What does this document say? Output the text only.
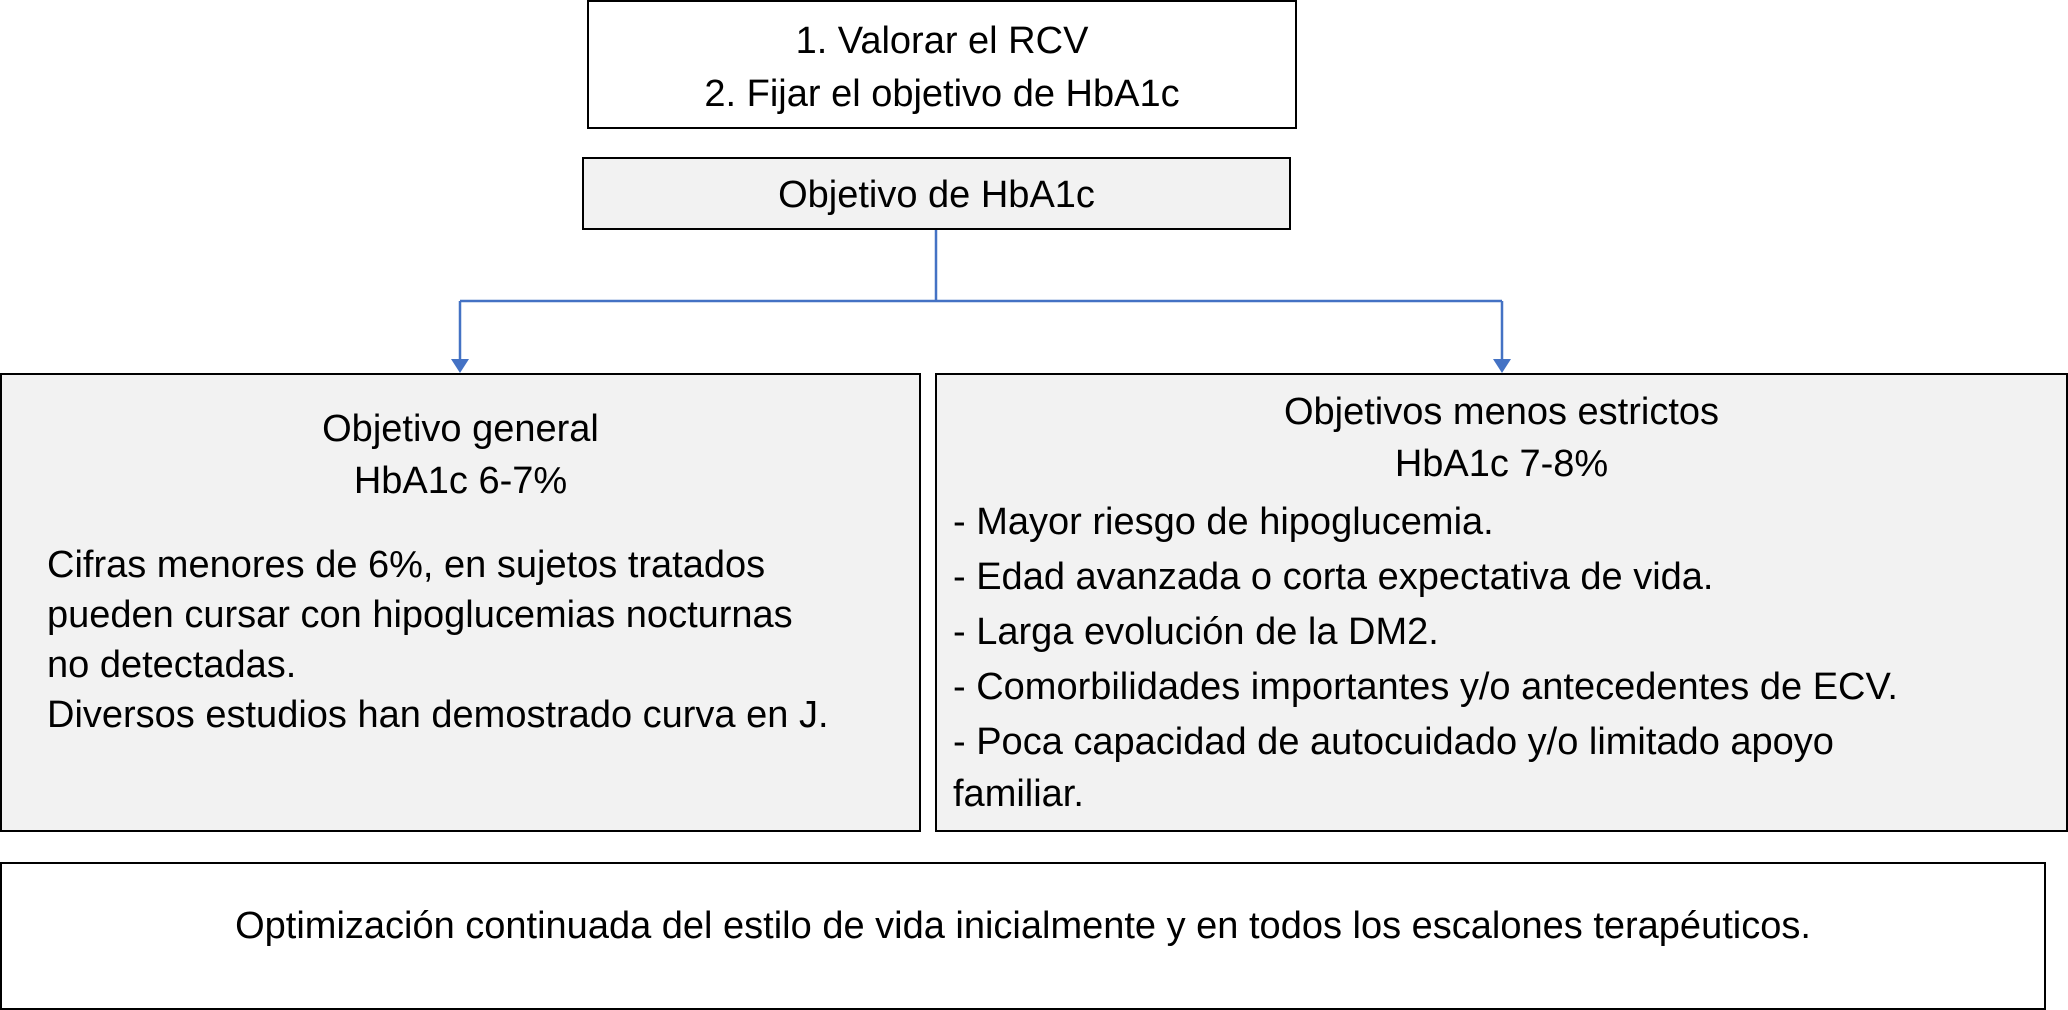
1. Valorar el RCV
2. Fijar el objetivo de HbA1c
Objetivo de HbA1c
Objetivo general
HbA1c 6-7%
Cifras menores de 6%, en sujetos tratados
pueden cursar con hipoglucemias nocturnas
no detectadas.
Diversos estudios han demostrado curva en J.
Objetivos menos estrictos
HbA1c 7-8%
- Mayor riesgo de hipoglucemia.
- Edad avanzada o corta expectativa de vida.
- Larga evolución de la DM2.
- Comorbilidades importantes y/o antecedentes de ECV.
- Poca capacidad de autocuidado y/o limitado apoyo
familiar.
Optimización continuada del estilo de vida inicialmente y en todos los escalones terapéuticos.
